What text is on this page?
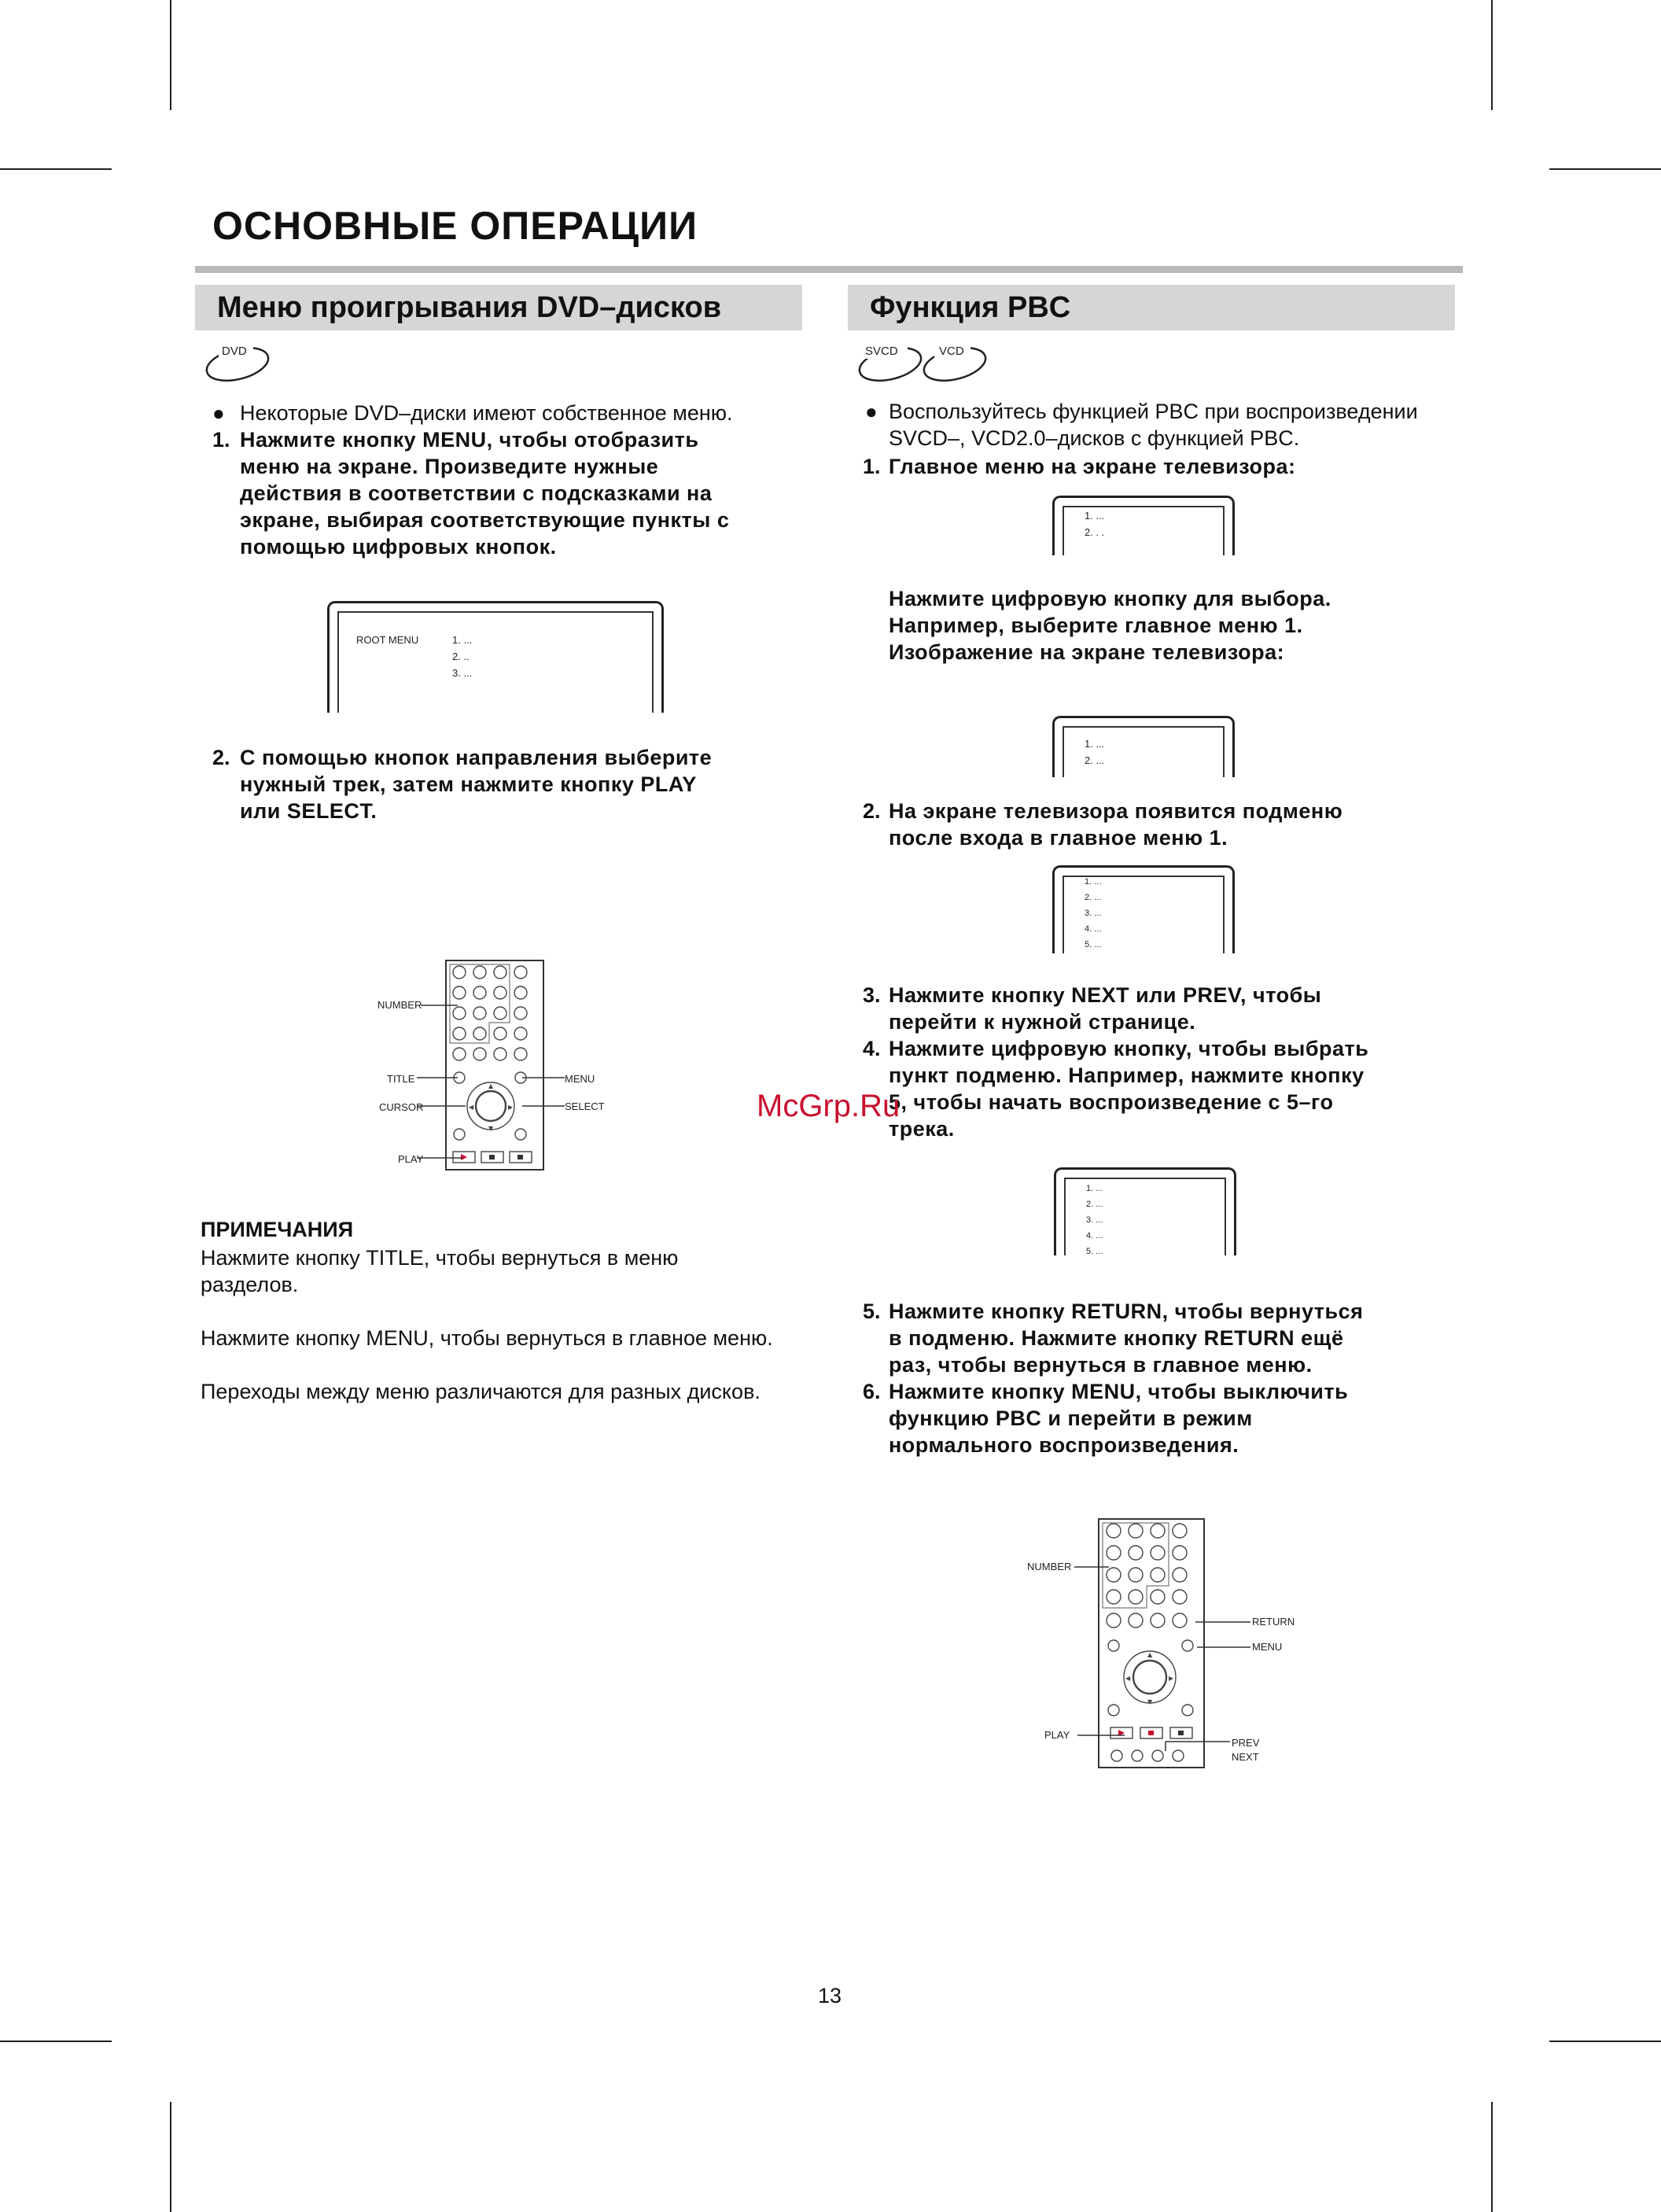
ОСНОВНЫЕ ОПЕРАЦИИ
Меню проигрывания DVD–дисков	Функция PBC
DVD	SVCD	VCD
● Некоторые DVD–диски имеют собственное меню.
1. Нажмите кнопку MENU, чтобы отобразить
меню на экране. Произведите нужные
действия в соответствии с подсказками на
экране, выбирая соответствующие пункты с
помощью цифровых кнопок.
ROOT MENU	1. ...
2. ..
3. ...
2. С помощью кнопок направления выберите
нужный трек, затем нажмите кнопку PLAY
или SELECT.
▲
▼
◀	▶
NUMBER
TITLE
CURSOR
PLAY
MENU
SELECT
ПРИМЕЧАНИЯ
Нажмите кнопку TITLE, чтобы вернуться в меню
разделов.
Нажмите кнопку MENU, чтобы вернуться в главное меню.
Переходы между меню различаются для разных дисков.
● Воспользуйтесь функцией PBC при воспроизведении
SVCD–, VCD2.0–дисков с функцией PBC.
1. Главное меню на экране телевизора:
1. ...
2. . .
Нажмите цифровую кнопку для выбора.
Например, выберите главное меню 1.
Изображение на экране телевизора:
1. ...
2. ...
2. На экране телевизора появится подменю
после входа в главное меню 1.
1. ...
2. ...
3. ...
4. ...
5. ...
3. Нажмите кнопку NEXT или PREV, чтобы
перейти к нужной странице.
4. Нажмите цифровую кнопку, чтобы выбрать
пункт подменю. Например, нажмите кнопку
5, чтобы начать воспроизведение с 5–го
трека.
McGrp.Ru
1. ...
2. ...
3. ...
4. ...
5. ...
5. Нажмите кнопку RETURN, чтобы вернуться
в подменю. Нажмите кнопку RETURN ещё
раз, чтобы вернуться в главное меню.
6. Нажмите кнопку MENU, чтобы выключить
функцию PBC и перейти в режим
нормального воспроизведения.
▲
▼
◀	▶
NUMBER
RETURN
MENU
PLAY
PREV
NEXT
13
